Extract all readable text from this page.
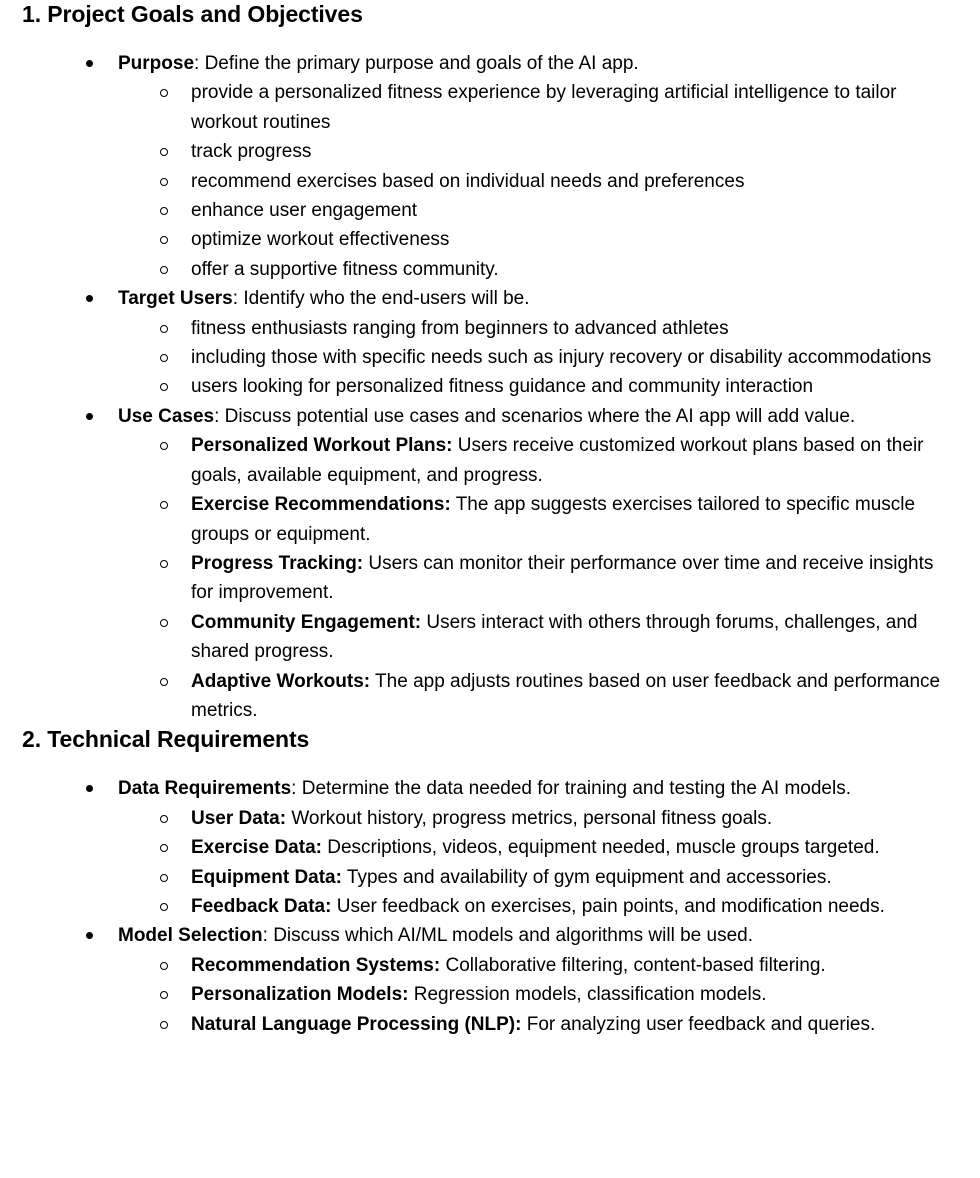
1. Project Goals and Objectives
Purpose: Define the primary purpose and goals of the AI app.
provide a personalized fitness experience by leveraging artificial intelligence to tailor workout routines
track progress
recommend exercises based on individual needs and preferences
enhance user engagement
optimize workout effectiveness
offer a supportive fitness community.
Target Users: Identify who the end-users will be.
fitness enthusiasts ranging from beginners to advanced athletes
including those with specific needs such as injury recovery or disability accommodations
users looking for personalized fitness guidance and community interaction
Use Cases: Discuss potential use cases and scenarios where the AI app will add value.
Personalized Workout Plans: Users receive customized workout plans based on their goals, available equipment, and progress.
Exercise Recommendations: The app suggests exercises tailored to specific muscle groups or equipment.
Progress Tracking: Users can monitor their performance over time and receive insights for improvement.
Community Engagement: Users interact with others through forums, challenges, and shared progress.
Adaptive Workouts: The app adjusts routines based on user feedback and performance metrics.
2. Technical Requirements
Data Requirements: Determine the data needed for training and testing the AI models.
User Data: Workout history, progress metrics, personal fitness goals.
Exercise Data: Descriptions, videos, equipment needed, muscle groups targeted.
Equipment Data: Types and availability of gym equipment and accessories.
Feedback Data: User feedback on exercises, pain points, and modification needs.
Model Selection: Discuss which AI/ML models and algorithms will be used.
Recommendation Systems: Collaborative filtering, content-based filtering.
Personalization Models: Regression models, classification models.
Natural Language Processing (NLP): For analyzing user feedback and queries.
